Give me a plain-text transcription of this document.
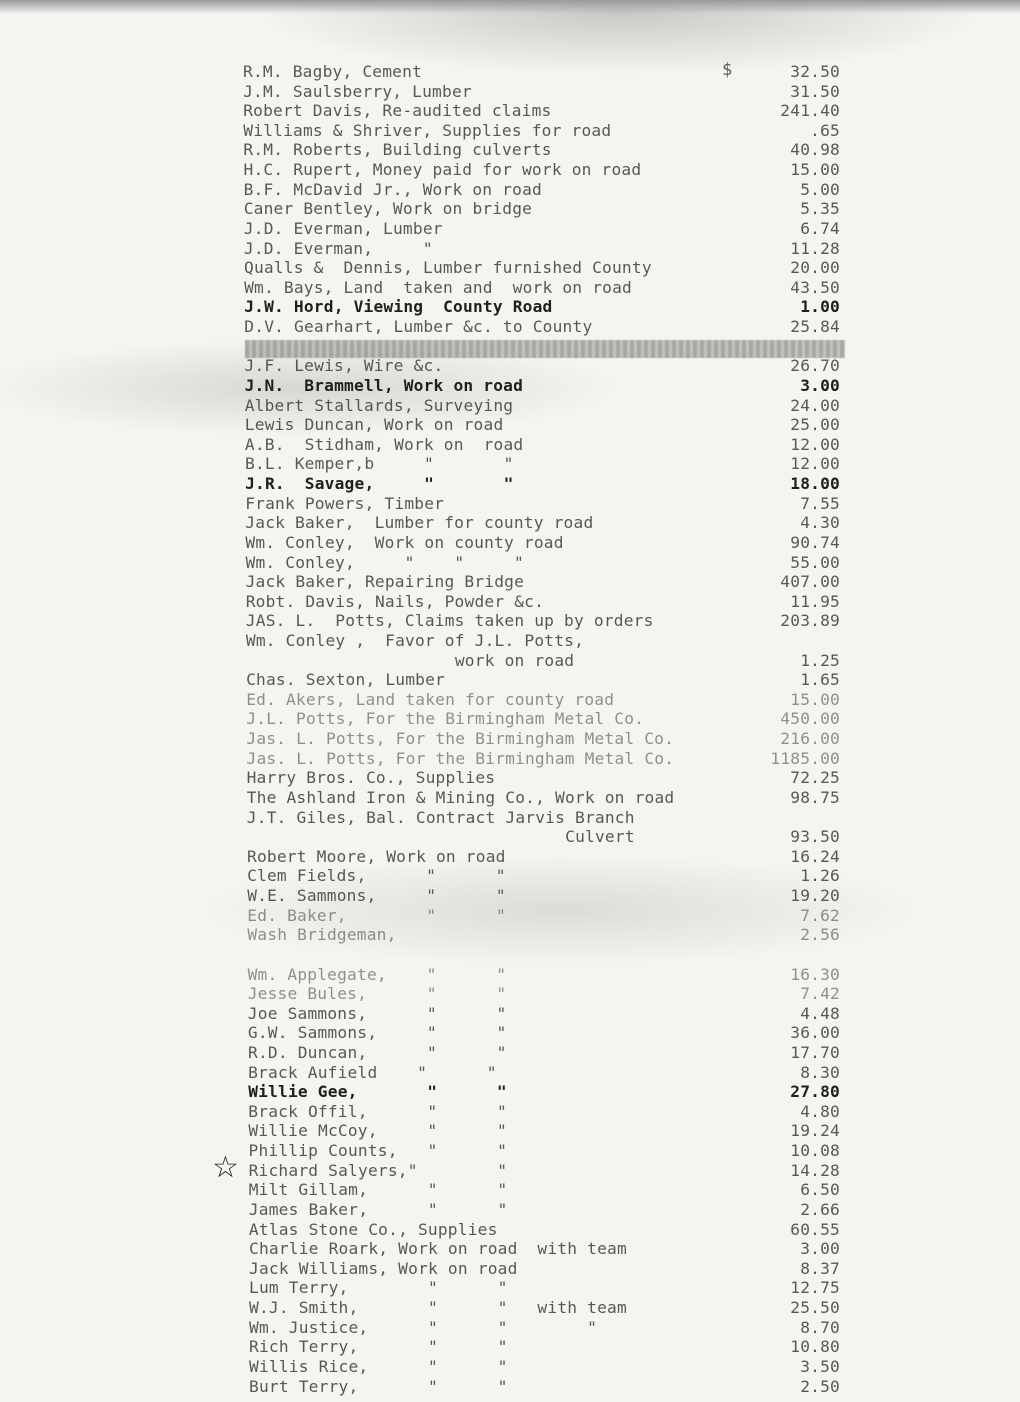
$
R.M. Bagby, Cement	32.50
J.M. Saulsberry, Lumber	31.50
Robert Davis, Re-audited claims	241.40
Williams & Shriver, Supplies for road	.65
R.M. Roberts, Building culverts	40.98
H.C. Rupert, Money paid for work on road	15.00
B.F. McDavid Jr., Work on road	5.00
Caner Bentley, Work on bridge	5.35
J.D. Everman, Lumber	6.74
J.D. Everman,     "	11.28
Qualls &  Dennis, Lumber furnished County	20.00
Wm. Bays, Land  taken and  work on road	43.50
J.W. Hord, Viewing  County Road	1.00
D.V. Gearhart, Lumber &c. to County	25.84
J.F. Lewis, Wire &c.	26.70
J.N.  Brammell, Work on road	3.00
Albert Stallards, Surveying	24.00
Lewis Duncan, Work on road	25.00
A.B.  Stidham, Work on  road	12.00
B.L. Kemper,b     "       "	12.00
J.R.  Savage,     "       "	18.00
Frank Powers, Timber	7.55
Jack Baker,  Lumber for county road	4.30
Wm. Conley,  Work on county road	90.74
Wm. Conley,     "    "     "	55.00
Jack Baker, Repairing Bridge	407.00
Robt. Davis, Nails, Powder &c.	11.95
JAS. L.  Potts, Claims taken up by orders	203.89
Wm. Conley ,  Favor of J.L. Potts,
work on road	1.25
Chas. Sexton, Lumber	1.65
Ed. Akers, Land taken for county road	15.00
J.L. Potts, For the Birmingham Metal Co.	450.00
Jas. L. Potts, For the Birmingham Metal Co.	216.00
Jas. L. Potts, For the Birmingham Metal Co.	1185.00
Harry Bros. Co., Supplies	72.25
The Ashland Iron & Mining Co., Work on road	98.75
J.T. Giles, Bal. Contract Jarvis Branch
Culvert	93.50
Robert Moore, Work on road	16.24
Clem Fields,      "      "	1.26
W.E. Sammons,     "      "	19.20
Ed. Baker,        "      "	7.62
Wash Bridgeman,	2.56
Wm. Applegate,    "      "	16.30
Jesse Bules,      "      "	7.42
Joe Sammons,      "      "	4.48
G.W. Sammons,     "      "	36.00
R.D. Duncan,      "      "	17.70
Brack Aufield    "      "	8.30
Willie Gee,       "      "	27.80
Brack Offil,      "      "	4.80
Willie McCoy,     "      "	19.24
Phillip Counts,   "      "	10.08
Richard Salyers,"        "	14.28
Milt Gillam,      "      "	6.50
James Baker,      "      "	2.66
Atlas Stone Co., Supplies	60.55
Charlie Roark, Work on road  with team	3.00
Jack Williams, Work on road	8.37
Lum Terry,        "      "	12.75
W.J. Smith,       "      "   with team	25.50
Wm. Justice,      "      "        "	8.70
Rich Terry,       "      "	10.80
Willis Rice,      "      "	3.50
Burt Terry,       "      "	2.50
☆
